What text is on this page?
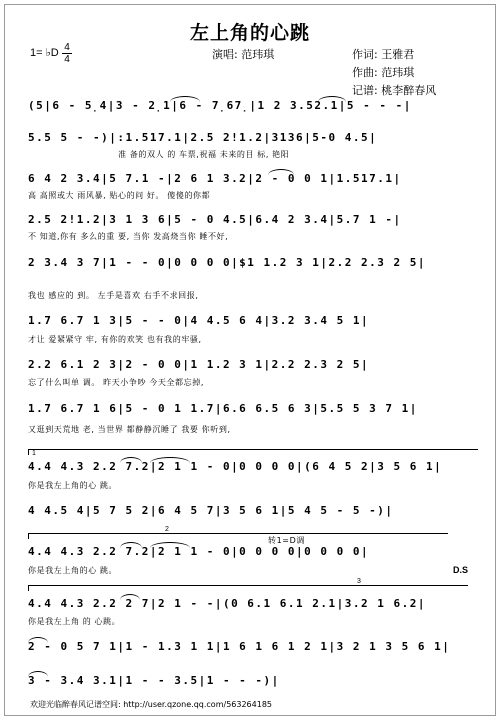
左上角的心跳
1= ♭D 4
4	演唱: 范玮琪	作词: 王雅君
作曲: 范玮琪
记谱: 桃李醉春风
(5|6 - 5̣4|3 - 2̣1|6 - 7̣67̣|1 2 3.52.1|5 - - -|
5.5 5 - -)|:1.517.1|2.5 2!1.2|3136|5-0 4.5|
准 备的双人 的 车票,祝福 未来的目 标, 艳阳
6 4 2 3.4|5 7.1 -|2 6 1 3.2|2 - 0 0 1|1.517.1|
高 高照或大 雨风暴, 贴心的问 好。 傻傻的你都
2.5 2!1.2|3 1 3 6|5 - 0 4.5|6.4 2 3.4|5.7 1 -|
不 知道,你有 多么的重 要, 当你 发高烧当你 睡不好,
2 3.4 3 7|1 - - 0|0 0 0 0|$1 1.2 3 1|2.2 2.3 2 5|
我也 感应的 到。 左手是喜欢 右手不求回报,
1.7 6.7 1 3|5 - - 0|4 4.5 6 4|3.2 3.4 5 1|
才让 爱紧紧守 牢, 有你的欢笑 也有我的牢骚,
2.2 6.1 2 3|2 - 0 0|1 1.2 3 1|2.2 2.3 2 5|
忘了什么叫单 调。 昨天小争吵 今天全都忘掉,
1.7 6.7 1 6|5 - 0 1 1.7|6.6 6.5 6 3|5.5 5 3 7 1|
又逛到天荒地 老, 当世界 都静静沉睡了 我要 你听到,
4.4 4.3 2.2 7.2|2 1 1 - 0|0 0 0 0|(6 4 5 2|3 5 6 1|
你是我左上角的心 跳。
4 4.5 4|5 7 5 2|6 4 5 7|3 5 6 1|5 4 5 - 5 -)|
4.4 4.3 2.2 7.2|2 1 1 - 0|0 0 0 0|0 0 0 0|
你是我左上角的心 跳。
4.4 4.3 2.2 2 7|2 1 - -|(0 6.1 6.1 2.1|3.2 1 6.2|
你是我左上角 的 心跳。
2 - 0 5 7 1|1 - 1.3 1 1|1 6 1 6 1 2 1|3 2 1 3 5 6 1|
3 - 3.4 3.1|1 - - 3.5|1 - - -)|
1
2
3
转1=D调
D.S
欢迎光临醉春风记谱空间: http://user.qzone.qq.com/563264185
